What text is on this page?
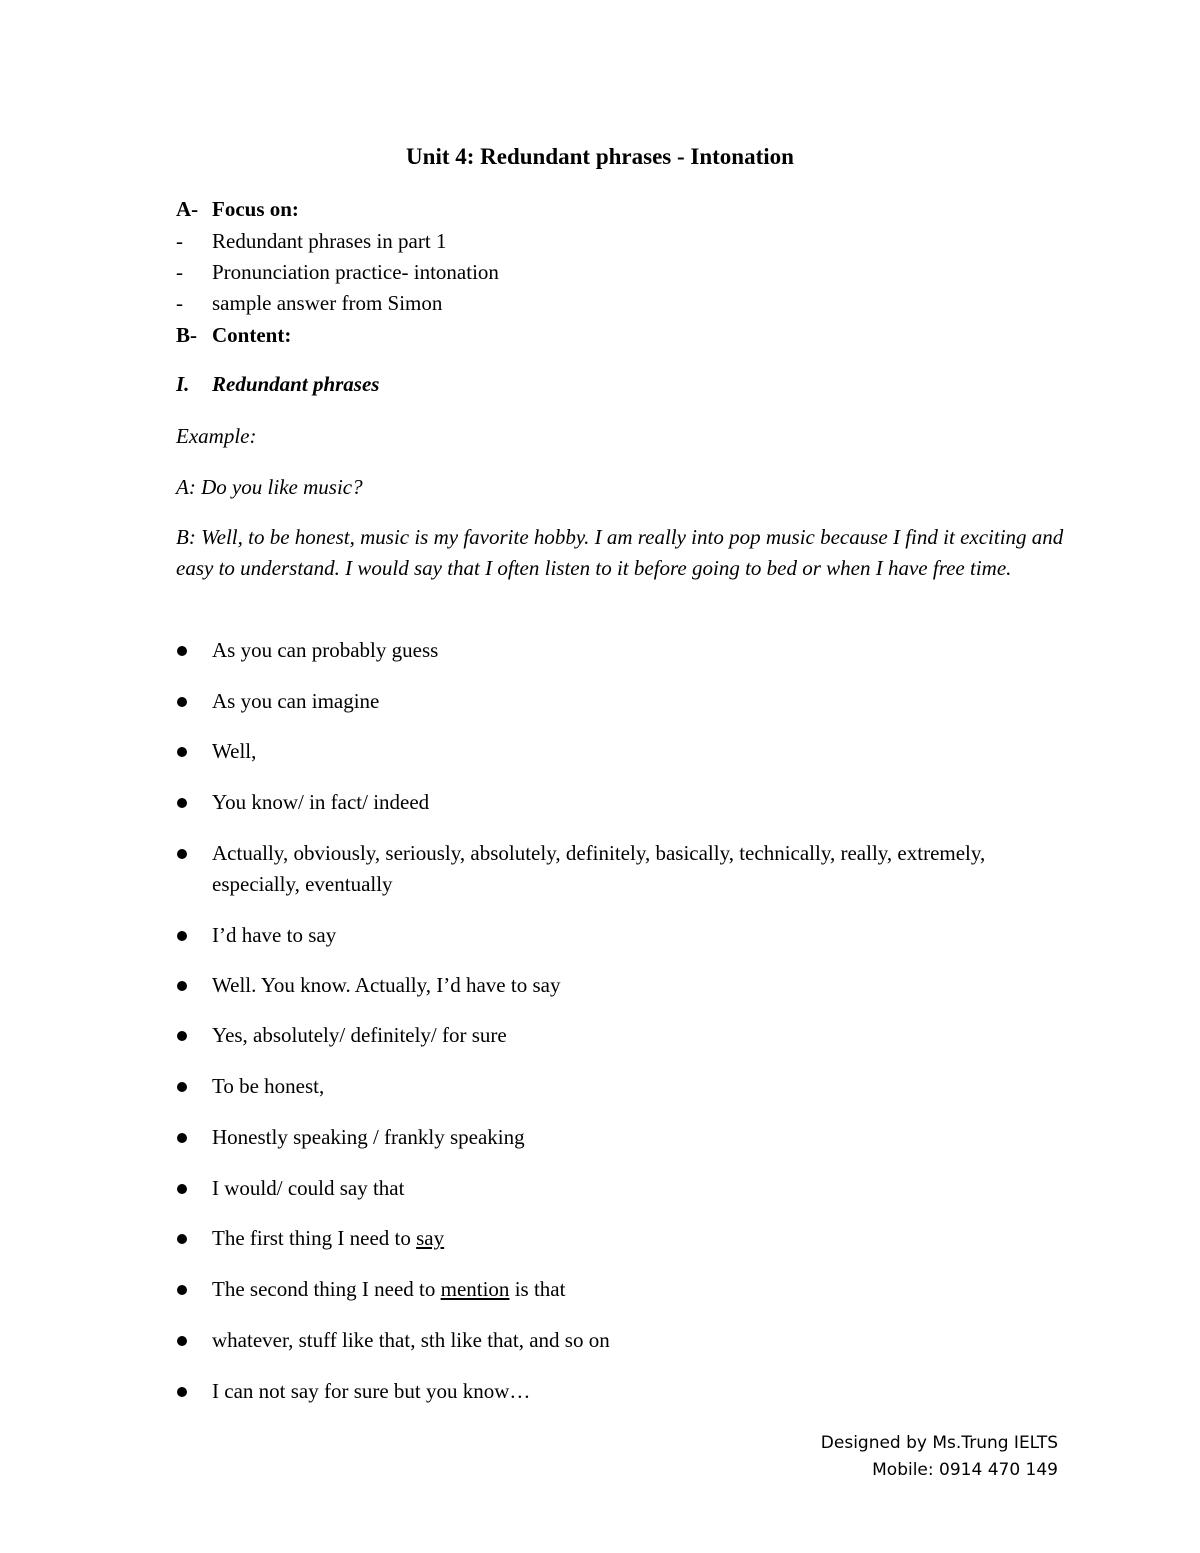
Unit 4: Redundant phrases - Intonation
A- Focus on:
- Redundant phrases in part 1
- Pronunciation practice- intonation
- sample answer from Simon
B- Content:
I. Redundant phrases
Example:
A: Do you like music?
B: Well, to be honest, music is my favorite hobby. I am really into pop music because I find it exciting and easy to understand. I would say that I often listen to it before going to bed or when I have free time.
As you can probably guess
As you can imagine
Well,
You know/ in fact/ indeed
Actually, obviously, seriously, absolutely, definitely, basically, technically, really, extremely, especially, eventually
I’d have to say
Well. You know. Actually, I’d have to say
Yes, absolutely/ definitely/ for sure
To be honest,
Honestly speaking / frankly speaking
I would/ could say that
The first thing I need to say
The second thing I need to mention is that
whatever, stuff like that, sth like that, and so on
I can not say for sure but you know…
Designed by Ms.Trung IELTS
Mobile: 0914 470 149
